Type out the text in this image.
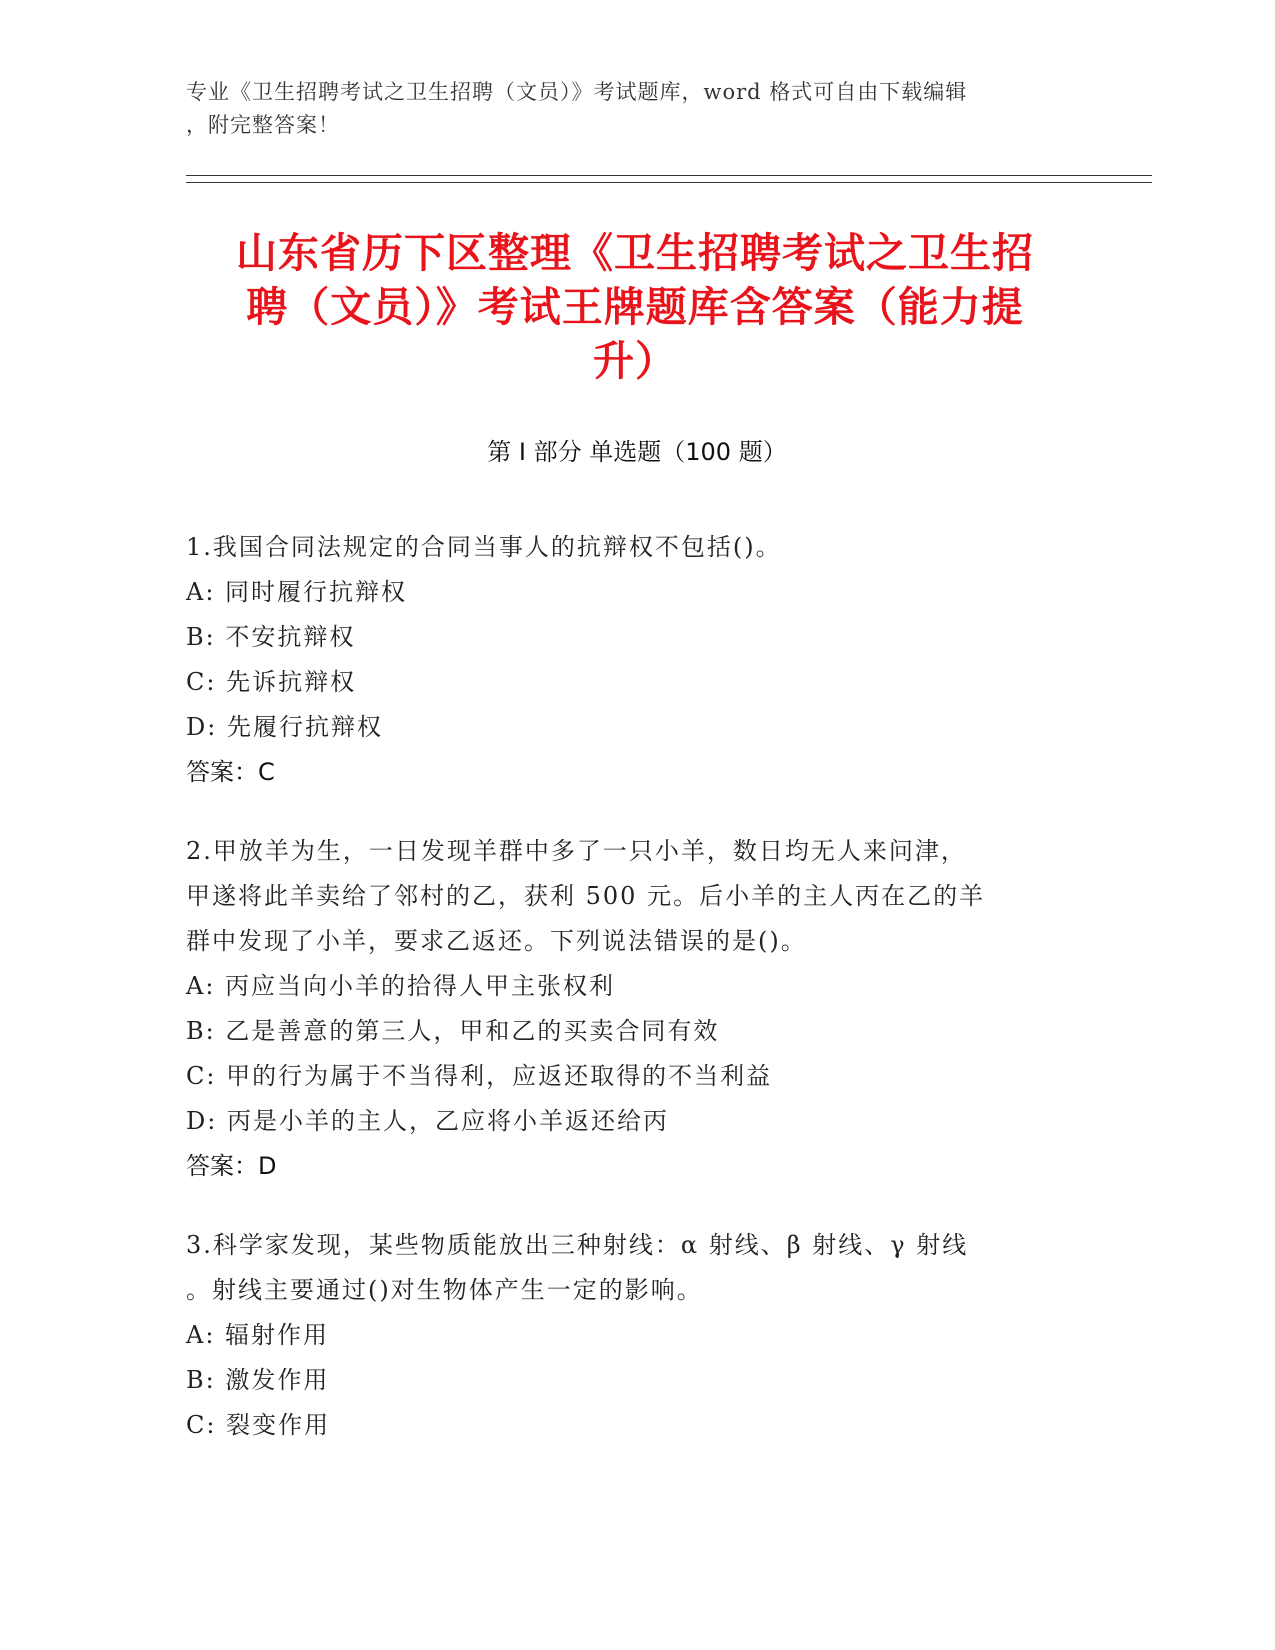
专业《卫生招聘考试之卫生招聘（文员）》考试题库，word 格式可自由下载编辑
，附完整答案！
山东省历下区整理《卫生招聘考试之卫生招
聘（文员）》考试王牌题库含答案（能力提
升）
第 I 部分 单选题（100 题）
1.我国合同法规定的合同当事人的抗辩权不包括()。
A: 同时履行抗辩权
B: 不安抗辩权
C: 先诉抗辩权
D: 先履行抗辩权
答案：C
2.甲放羊为生，一日发现羊群中多了一只小羊，数日均无人来问津，
甲遂将此羊卖给了邻村的乙，获利 500 元。后小羊的主人丙在乙的羊
群中发现了小羊，要求乙返还。下列说法错误的是()。
A: 丙应当向小羊的拾得人甲主张权利
B: 乙是善意的第三人，甲和乙的买卖合同有效
C: 甲的行为属于不当得利，应返还取得的不当利益
D: 丙是小羊的主人，乙应将小羊返还给丙
答案：D
3.科学家发现，某些物质能放出三种射线：α 射线、β 射线、γ 射线
。射线主要通过()对生物体产生一定的影响。
A: 辐射作用
B: 激发作用
C: 裂变作用
